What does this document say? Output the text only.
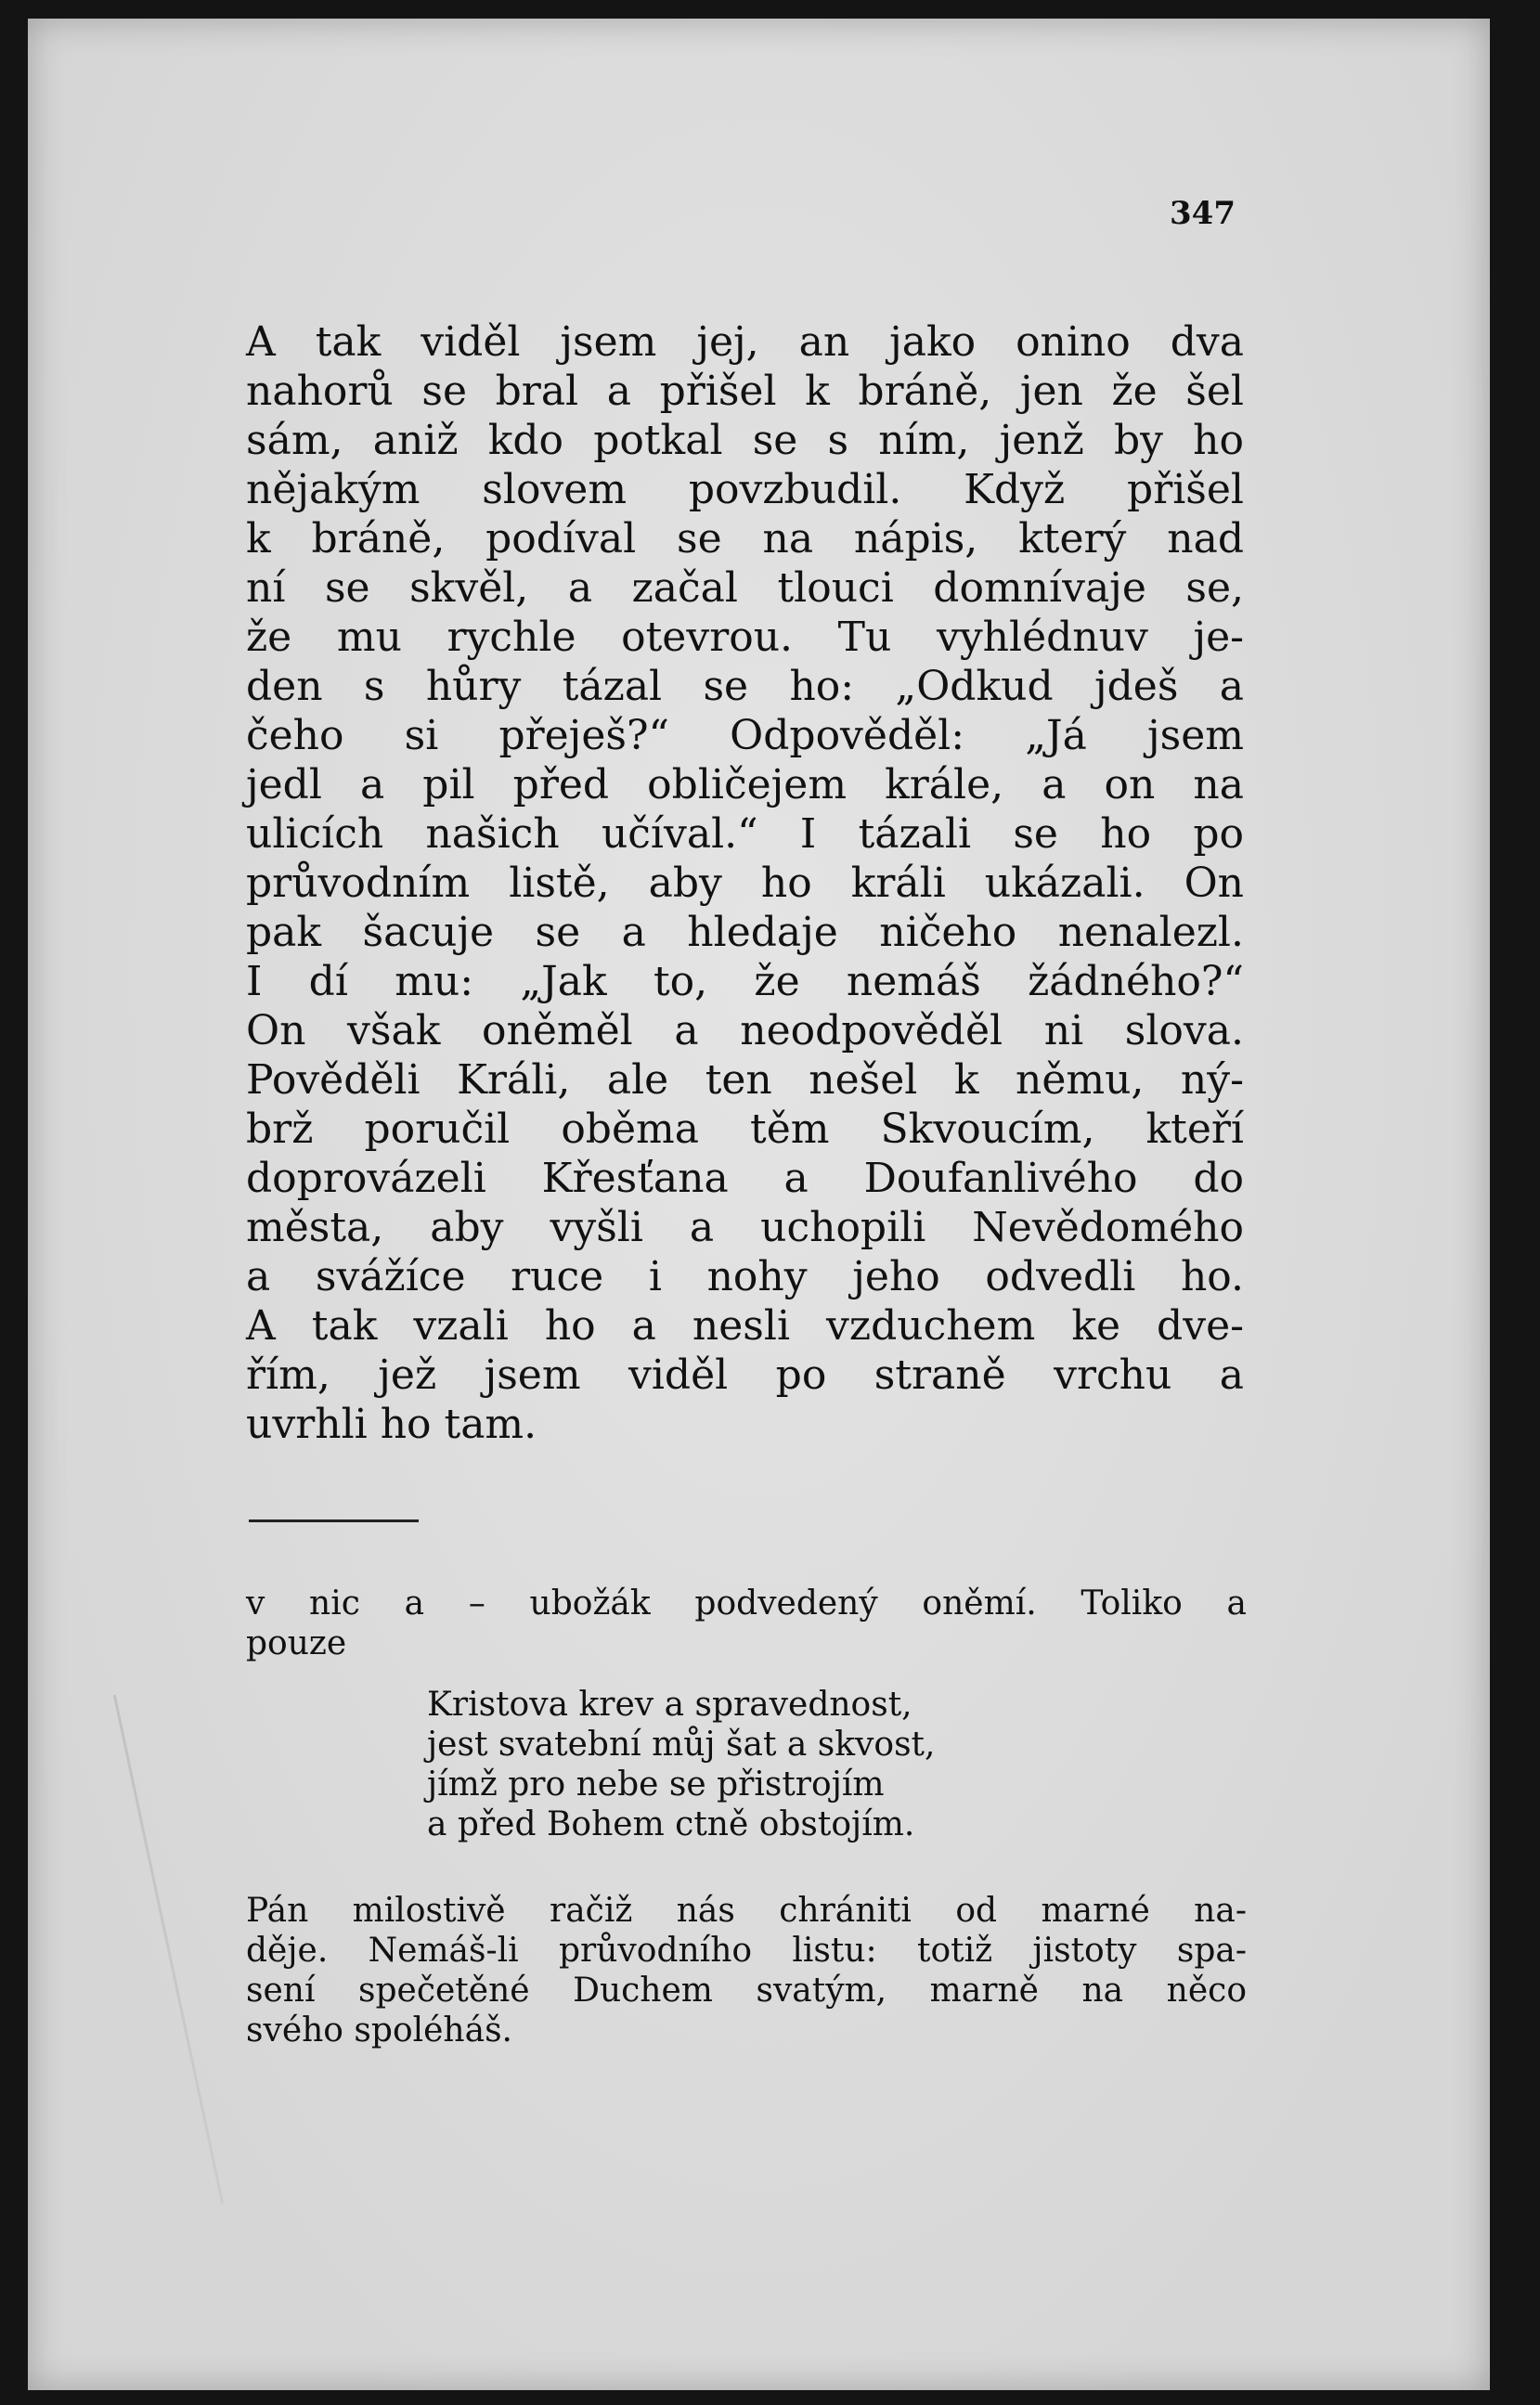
347
A tak viděl jsem jej, an jako onino dva
nahorů se bral a přišel k bráně, jen že šel
sám, aniž kdo potkal se s ním, jenž by ho
nějakým slovem povzbudil. Když přišel
k bráně, podíval se na nápis, který nad
ní se skvěl, a začal tlouci domnívaje se,
že mu rychle otevrou. Tu vyhlédnuv je-
den s hůry tázal se ho: „Odkud jdeš a
čeho si přeješ?“ Odpověděl: „Já jsem
jedl a pil před obličejem krále, a on na
ulicích našich učíval.“ I tázali se ho po
průvodním listě, aby ho králi ukázali. On
pak šacuje se a hledaje ničeho nenalezl.
I dí mu: „Jak to, že nemáš žádného?“
On však oněměl a neodpověděl ni slova.
Pověděli Králi, ale ten nešel k němu, ný-
brž poručil oběma těm Skvoucím, kteří
doprovázeli Křesťana a Doufanlivého do
města, aby vyšli a uchopili Nevědomého
a svážíce ruce i nohy jeho odvedli ho.
A tak vzali ho a nesli vzduchem ke dve-
řím, jež jsem viděl po straně vrchu a
uvrhli ho tam.
v nic a – ubožák podvedený oněmí. Toliko a
pouze
Kristova krev a spravednost,
jest svatební můj šat a skvost,
jímž pro nebe se přistrojím
a před Bohem ctně obstojím.
Pán milostivě račiž nás chrániti od marné na-
děje. Nemáš-li průvodního listu: totiž jistoty spa-
sení spečetěné Duchem svatým, marně na něco
svého spoléháš.
